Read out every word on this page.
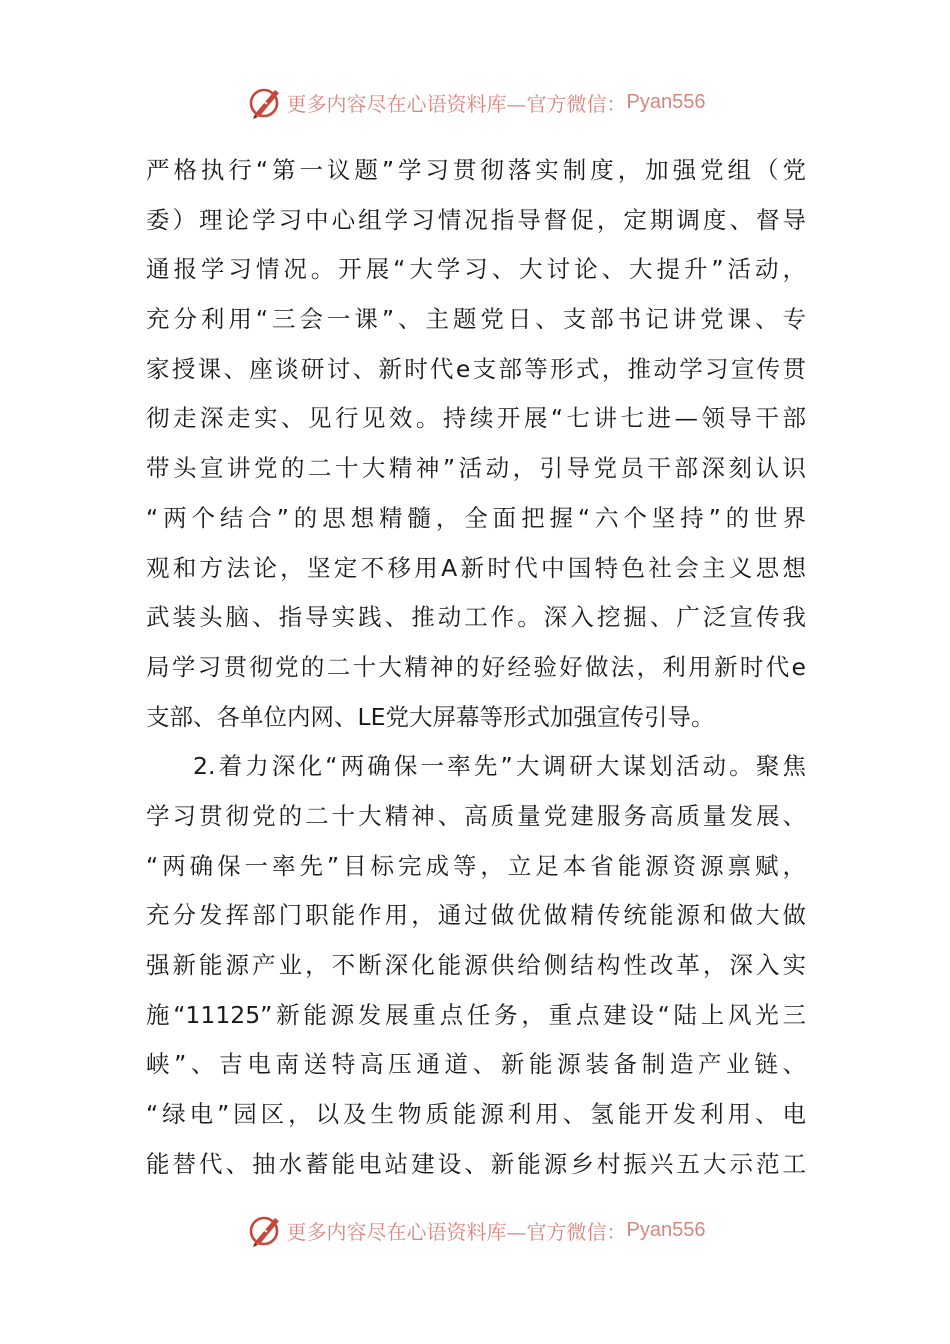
更多内容尽在心语资料库—官方微信： Pyan556
严格执行“第一议题”学习贯彻落实制度，加强党组（党
委）理论学习中心组学习情况指导督促，定期调度、督导
通报学习情况。开展“大学习、大讨论、大提升”活动，
充分利用“三会一课”、主题党日、支部书记讲党课、专
家授课、座谈研讨、新时代e支部等形式，推动学习宣传贯
彻走深走实、见行见效。持续开展“七讲七进—领导干部
带头宣讲党的二十大精神”活动，引导党员干部深刻认识
“两个结合”的思想精髓，全面把握“六个坚持”的世界
观和方法论，坚定不移用A新时代中国特色社会主义思想
武装头脑、指导实践、推动工作。深入挖掘、广泛宣传我
局学习贯彻党的二十大精神的好经验好做法，利用新时代e
支部、各单位内网、LE党大屏幕等形式加强宣传引导。
2.着力深化“两确保一率先”大调研大谋划活动。聚焦
学习贯彻党的二十大精神、高质量党建服务高质量发展、
“两确保一率先”目标完成等，立足本省能源资源禀赋，
充分发挥部门职能作用，通过做优做精传统能源和做大做
强新能源产业，不断深化能源供给侧结构性改革，深入实
施“11125”新能源发展重点任务，重点建设“陆上风光三
峡”、吉电南送特高压通道、新能源装备制造产业链、
“绿电”园区，以及生物质能源利用、氢能开发利用、电
能替代、抽水蓄能电站建设、新能源乡村振兴五大示范工
更多内容尽在心语资料库—官方微信： Pyan556
